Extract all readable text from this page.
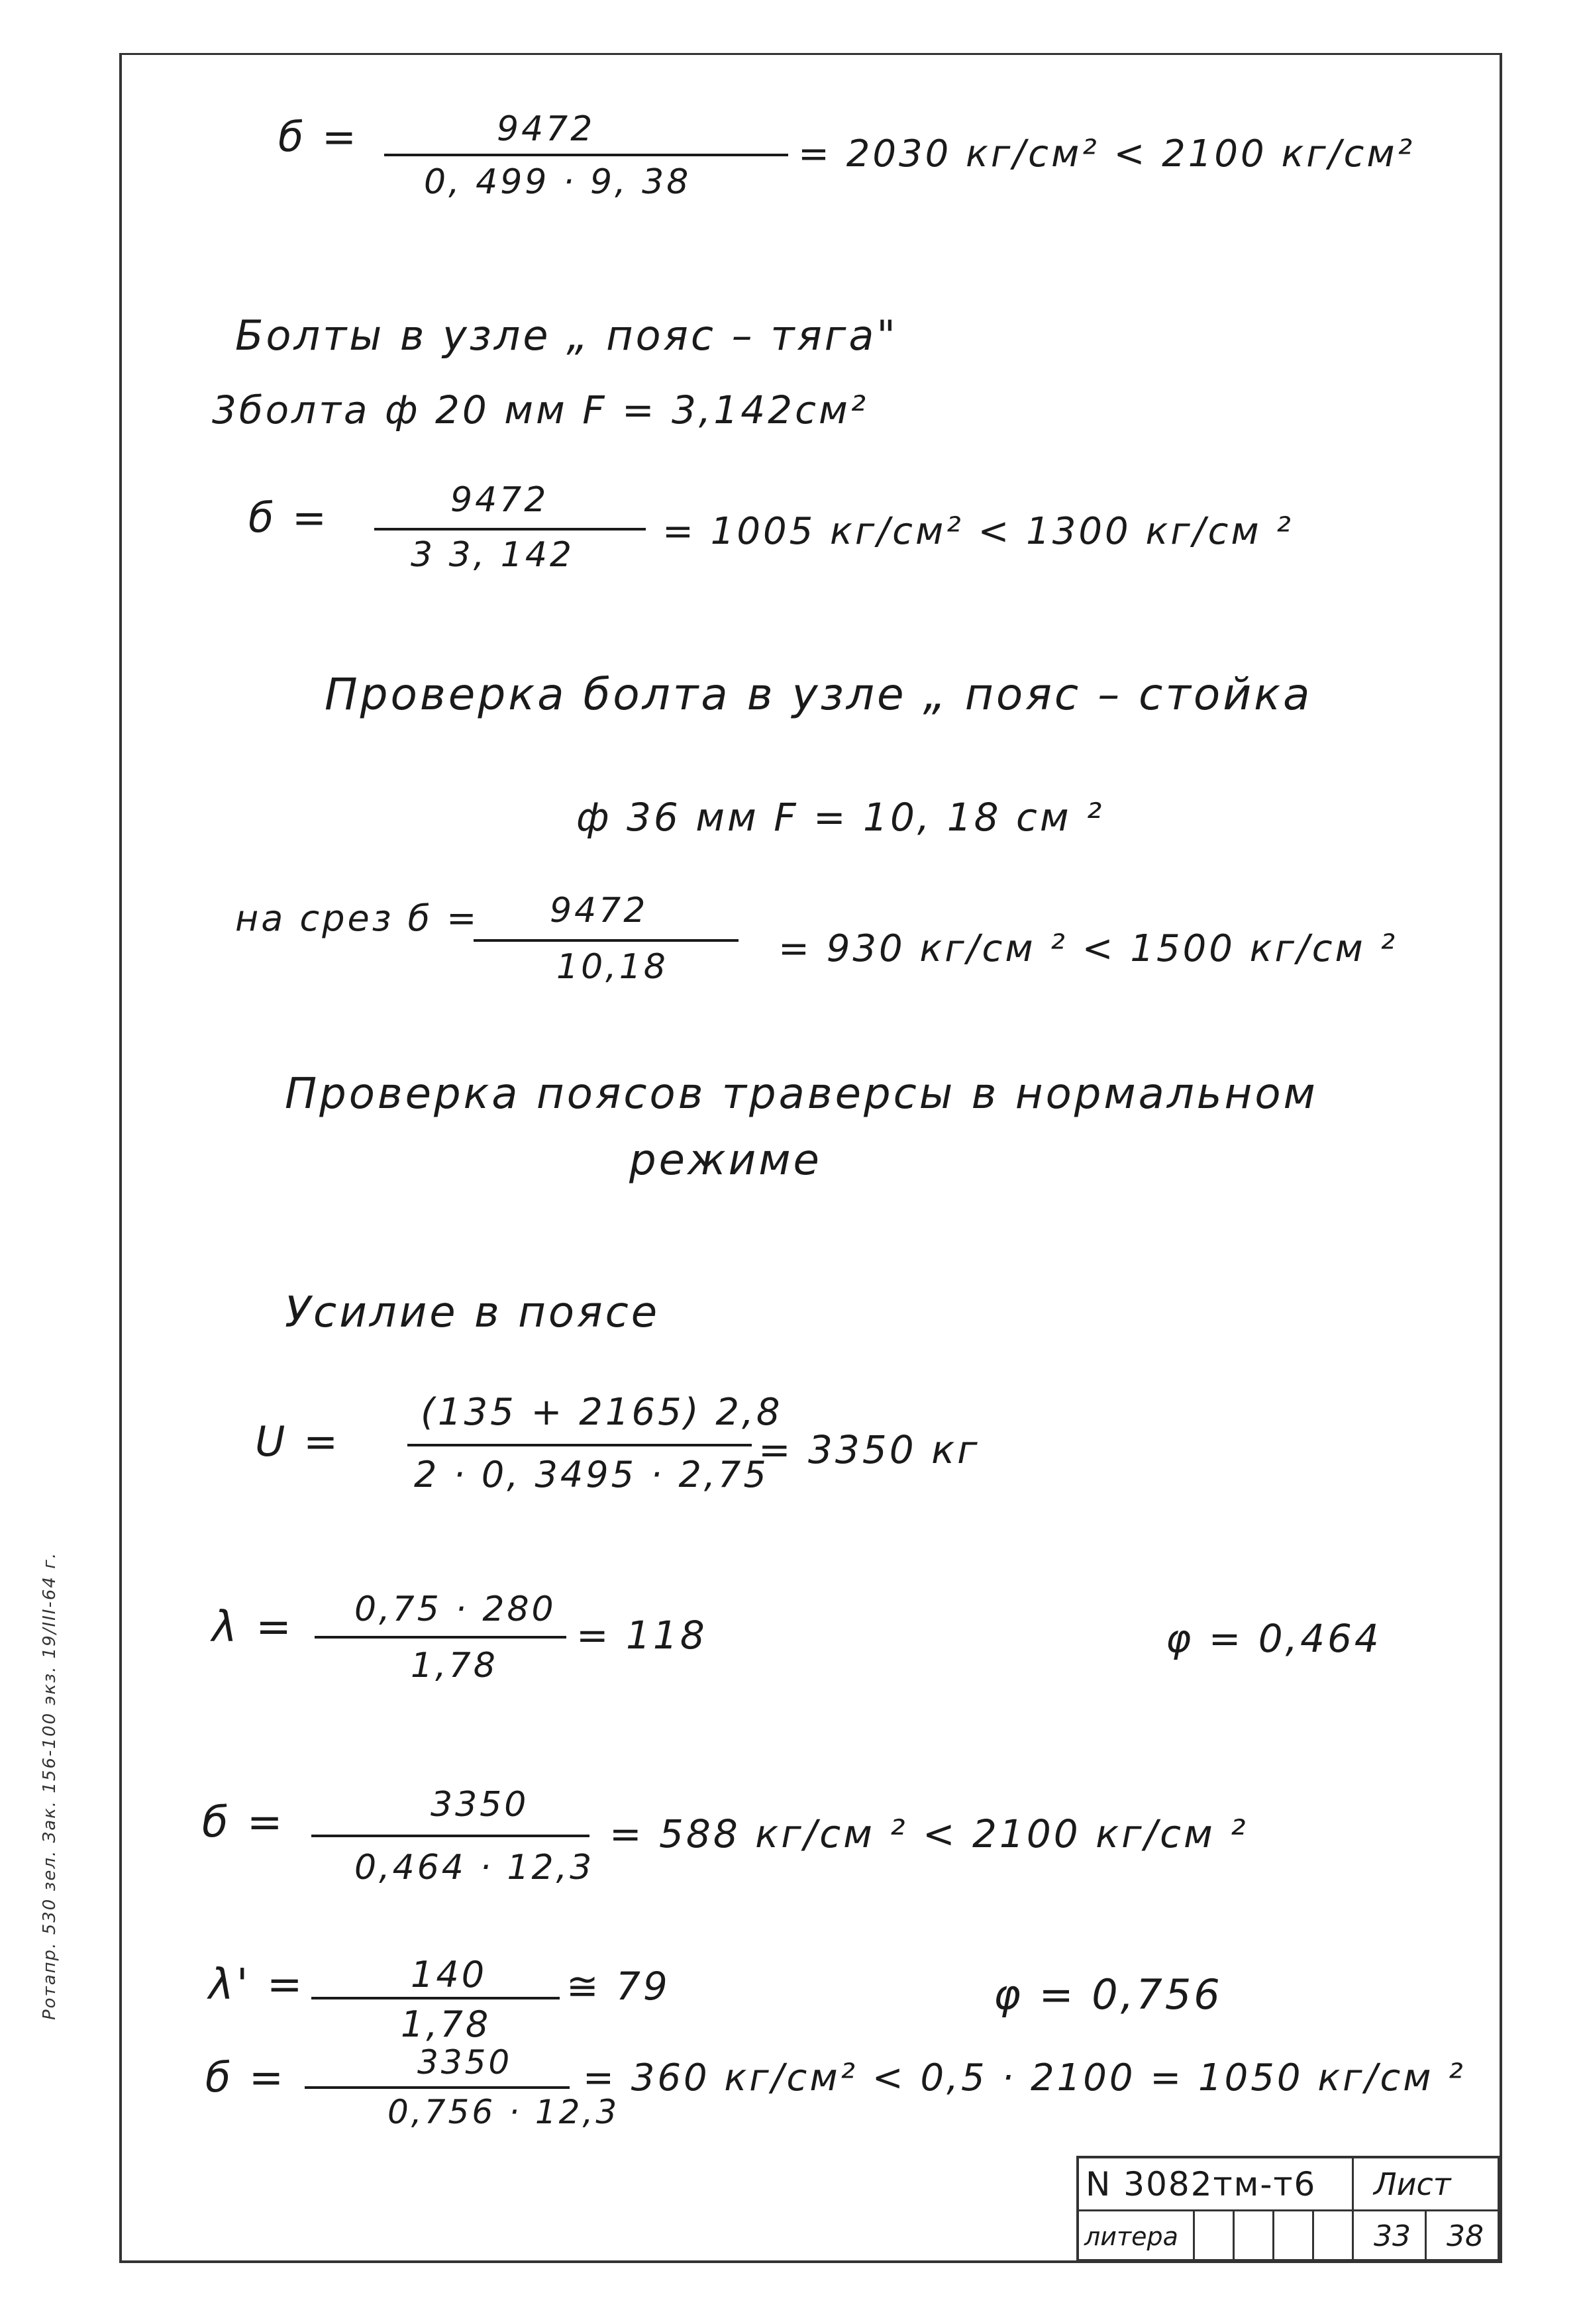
б =	9472
0, 499 · 9, 38
= 2030 кг/см² < 2100 кг/см²
Болты в узле „ пояс – тяга"
3болта ф 20 мм F = 3,142см²
б =	9472
3 3, 142
= 1005 кг/см² < 1300 кг/см ²
Проверка болта в узле „ пояс – стойка
ф 36 мм F = 10, 18 см ²
на срез б = 9472
10,18	= 930 кг/см ² < 1500 кг/см ²
Проверка поясов траверсы в нормальном
режиме
Усилие в поясе
U =
(135 + 2165) 2,8
2 · 0, 3495 · 2,75
= 3350 кг
λ = 0,75 · 280
1,78
= 118	φ = 0,464
б =	3350
0,464 · 12,3
= 588 кг/см ² < 2100 кг/см ²
λ' =	140
1,78
≅ 79	φ = 0,756
б =	3350
0,756 · 12,3
= 360 кг/см² < 0,5 · 2100 = 1050 кг/см ²
Ротапр. 530 зел. Зак. 156-100 экз. 19/III-64 г.
N 3082тм-т6 Лист
литера	33 38
